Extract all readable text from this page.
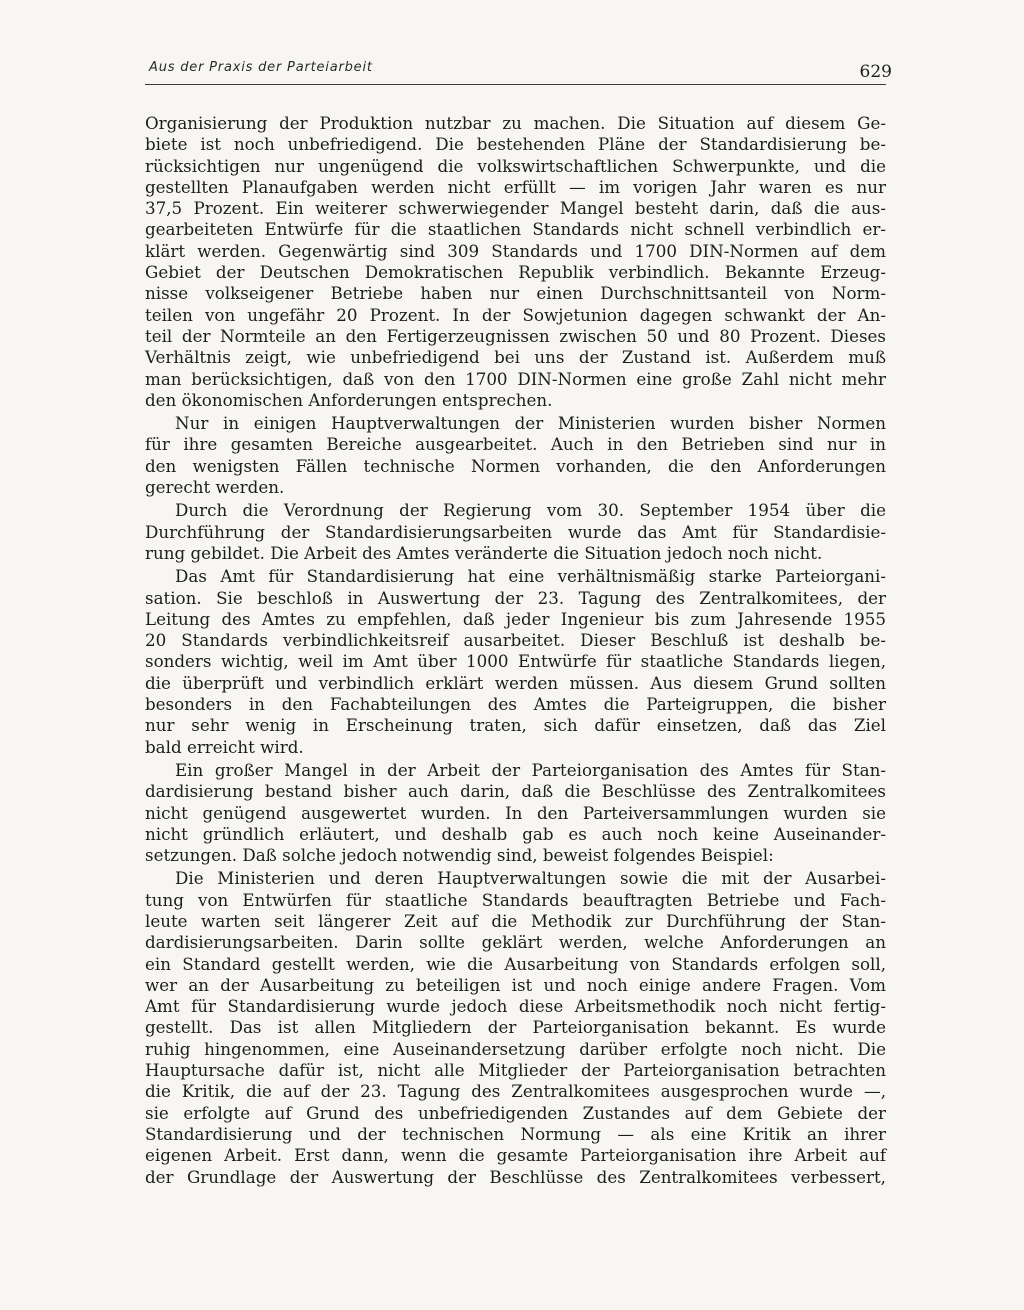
Aus der Praxis der Parteiarbeit	629
Organisierung der Produktion nutzbar zu machen. Die Situation auf diesem Ge-
biete ist noch unbefriedigend. Die bestehenden Pläne der Standardisierung be-
rücksichtigen nur ungenügend die volkswirtschaftlichen Schwerpunkte, und die
gestellten Planaufgaben werden nicht erfüllt — im vorigen Jahr waren es nur
37,5 Prozent. Ein weiterer schwerwiegender Mangel besteht darin, daß die aus-
gearbeiteten Entwürfe für die staatlichen Standards nicht schnell verbindlich er-
klärt werden. Gegenwärtig sind 309 Standards und 1700 DIN-Normen auf dem
Gebiet der Deutschen Demokratischen Republik verbindlich. Bekannte Erzeug-
nisse volkseigener Betriebe haben nur einen Durchschnittsanteil von Norm-
teilen von ungefähr 20 Prozent. In der Sowjetunion dagegen schwankt der An-
teil der Normteile an den Fertigerzeugnissen zwischen 50 und 80 Prozent. Dieses
Verhältnis zeigt, wie unbefriedigend bei uns der Zustand ist. Außerdem muß
man berücksichtigen, daß von den 1700 DIN-Normen eine große Zahl nicht mehr
den ökonomischen Anforderungen entsprechen.
Nur in einigen Hauptverwaltungen der Ministerien wurden bisher Normen
für ihre gesamten Bereiche ausgearbeitet. Auch in den Betrieben sind nur in
den wenigsten Fällen technische Normen vorhanden, die den Anforderungen
gerecht werden.
Durch die Verordnung der Regierung vom 30. September 1954 über die
Durchführung der Standardisierungsarbeiten wurde das Amt für Standardisie-
rung gebildet. Die Arbeit des Amtes veränderte die Situation jedoch noch nicht.
Das Amt für Standardisierung hat eine verhältnismäßig starke Parteiorgani-
sation. Sie beschloß in Auswertung der 23. Tagung des Zentralkomitees, der
Leitung des Amtes zu empfehlen, daß jeder Ingenieur bis zum Jahresende 1955
20 Standards verbindlichkeitsreif ausarbeitet. Dieser Beschluß ist deshalb be-
sonders wichtig, weil im Amt über 1000 Entwürfe für staatliche Standards liegen,
die überprüft und verbindlich erklärt werden müssen. Aus diesem Grund sollten
besonders in den Fachabteilungen des Amtes die Parteigruppen, die bisher
nur sehr wenig in Erscheinung traten, sich dafür einsetzen, daß das Ziel
bald erreicht wird.
Ein großer Mangel in der Arbeit der Parteiorganisation des Amtes für Stan-
dardisierung bestand bisher auch darin, daß die Beschlüsse des Zentralkomitees
nicht genügend ausgewertet wurden. In den Parteiversammlungen wurden sie
nicht gründlich erläutert, und deshalb gab es auch noch keine Auseinander-
setzungen. Daß solche jedoch notwendig sind, beweist folgendes Beispiel:
Die Ministerien und deren Hauptverwaltungen sowie die mit der Ausarbei-
tung von Entwürfen für staatliche Standards beauftragten Betriebe und Fach-
leute warten seit längerer Zeit auf die Methodik zur Durchführung der Stan-
dardisierungsarbeiten. Darin sollte geklärt werden, welche Anforderungen an
ein Standard gestellt werden, wie die Ausarbeitung von Standards erfolgen soll,
wer an der Ausarbeitung zu beteiligen ist und noch einige andere Fragen. Vom
Amt für Standardisierung wurde jedoch diese Arbeitsmethodik noch nicht fertig-
gestellt. Das ist allen Mitgliedern der Parteiorganisation bekannt. Es wurde
ruhig hingenommen, eine Auseinandersetzung darüber erfolgte noch nicht. Die
Hauptursache dafür ist, nicht alle Mitglieder der Parteiorganisation betrachten
die Kritik, die auf der 23. Tagung des Zentralkomitees ausgesprochen wurde —,
sie erfolgte auf Grund des unbefriedigenden Zustandes auf dem Gebiete der
Standardisierung und der technischen Normung — als eine Kritik an ihrer
eigenen Arbeit. Erst dann, wenn die gesamte Parteiorganisation ihre Arbeit auf
der Grundlage der Auswertung der Beschlüsse des Zentralkomitees verbessert,
